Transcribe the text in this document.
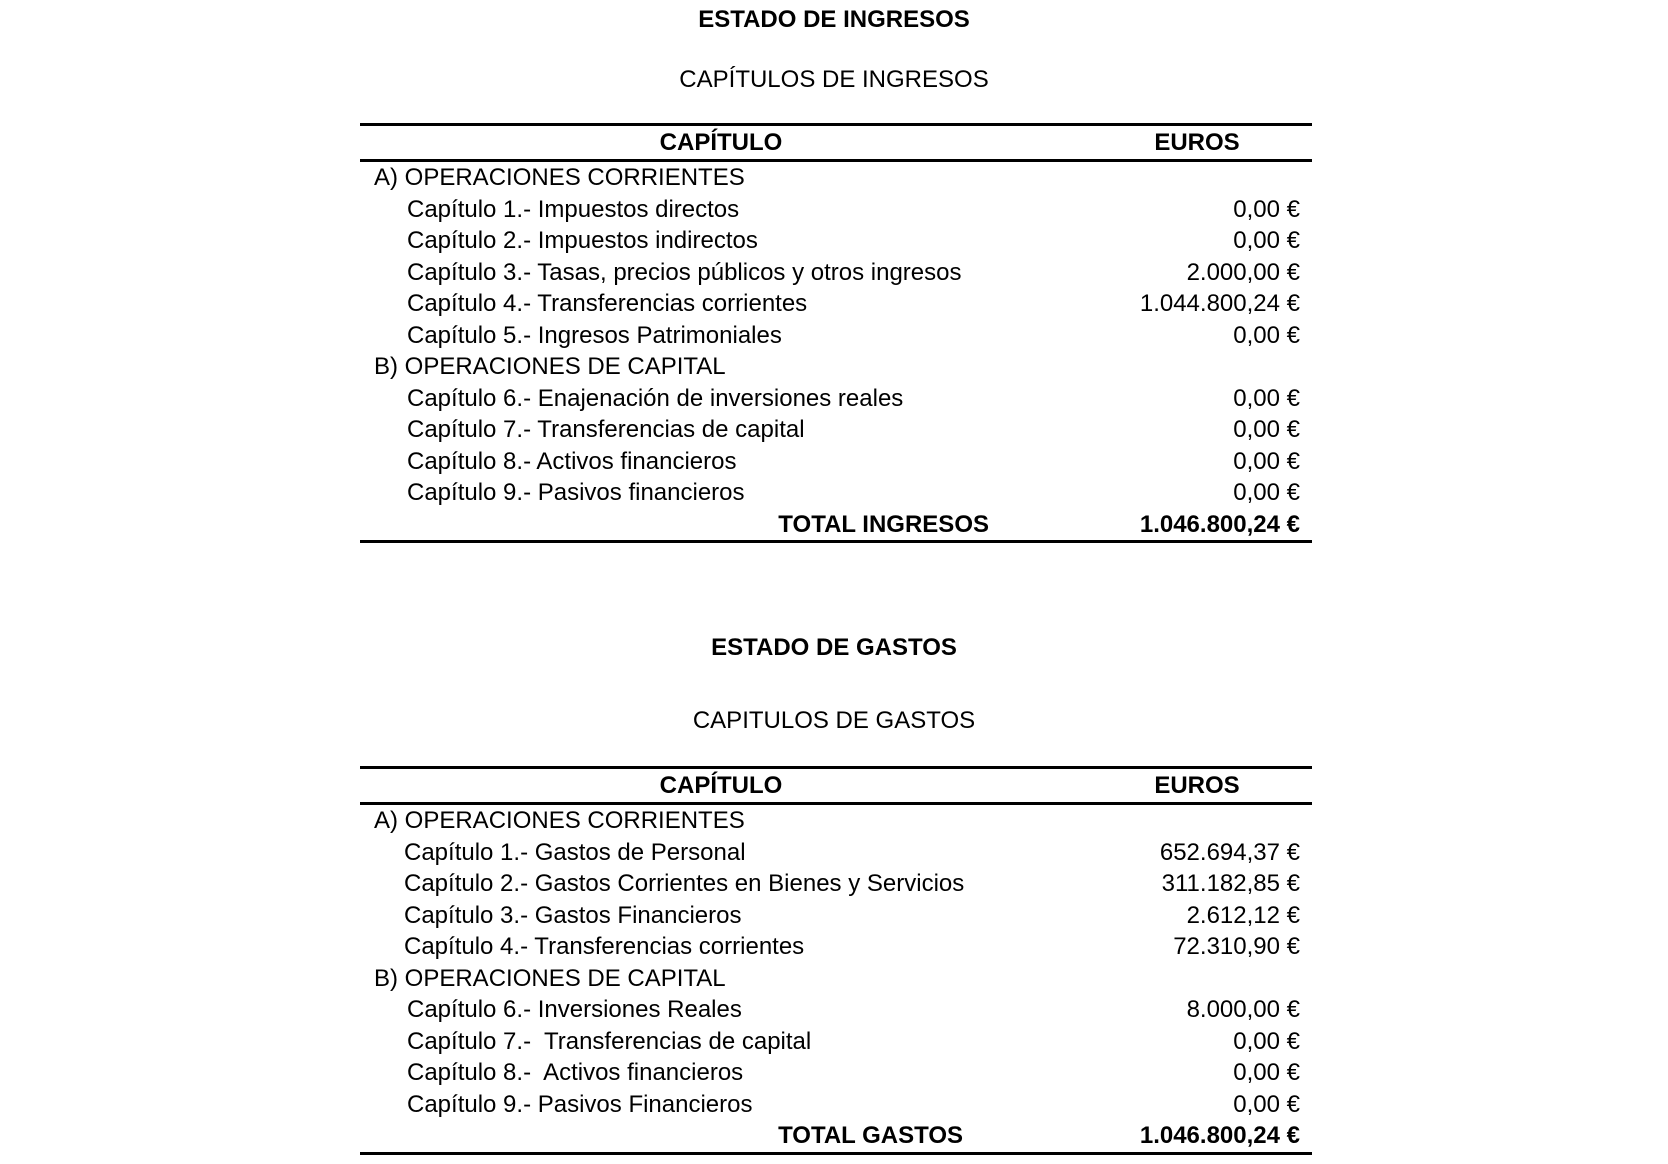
ESTADO DE INGRESOS
CAPÍTULOS DE INGRESOS
CAPÍTULO	EUROS
A) OPERACIONES CORRIENTES
Capítulo 1.- Impuestos directos	0,00 €
Capítulo 2.- Impuestos indirectos	0,00 €
Capítulo 3.- Tasas, precios públicos y otros ingresos	2.000,00 €
Capítulo 4.- Transferencias corrientes	1.044.800,24 €
Capítulo 5.- Ingresos Patrimoniales	0,00 €
B) OPERACIONES DE CAPITAL
Capítulo 6.- Enajenación de inversiones reales	0,00 €
Capítulo 7.- Transferencias de capital	0,00 €
Capítulo 8.- Activos financieros	0,00 €
Capítulo 9.- Pasivos financieros	0,00 €
TOTAL INGRESOS	1.046.800,24 €
ESTADO DE GASTOS
CAPITULOS DE GASTOS
CAPÍTULO	EUROS
A) OPERACIONES CORRIENTES
Capítulo 1.- Gastos de Personal	652.694,37 €
Capítulo 2.- Gastos Corrientes en Bienes y Servicios	311.182,85 €
Capítulo 3.- Gastos Financieros	2.612,12 €
Capítulo 4.- Transferencias corrientes	72.310,90 €
B) OPERACIONES DE CAPITAL
Capítulo 6.- Inversiones Reales	8.000,00 €
Capítulo 7.-  Transferencias de capital	0,00 €
Capítulo 8.-  Activos financieros	0,00 €
Capítulo 9.- Pasivos Financieros	0,00 €
TOTAL GASTOS	1.046.800,24 €
